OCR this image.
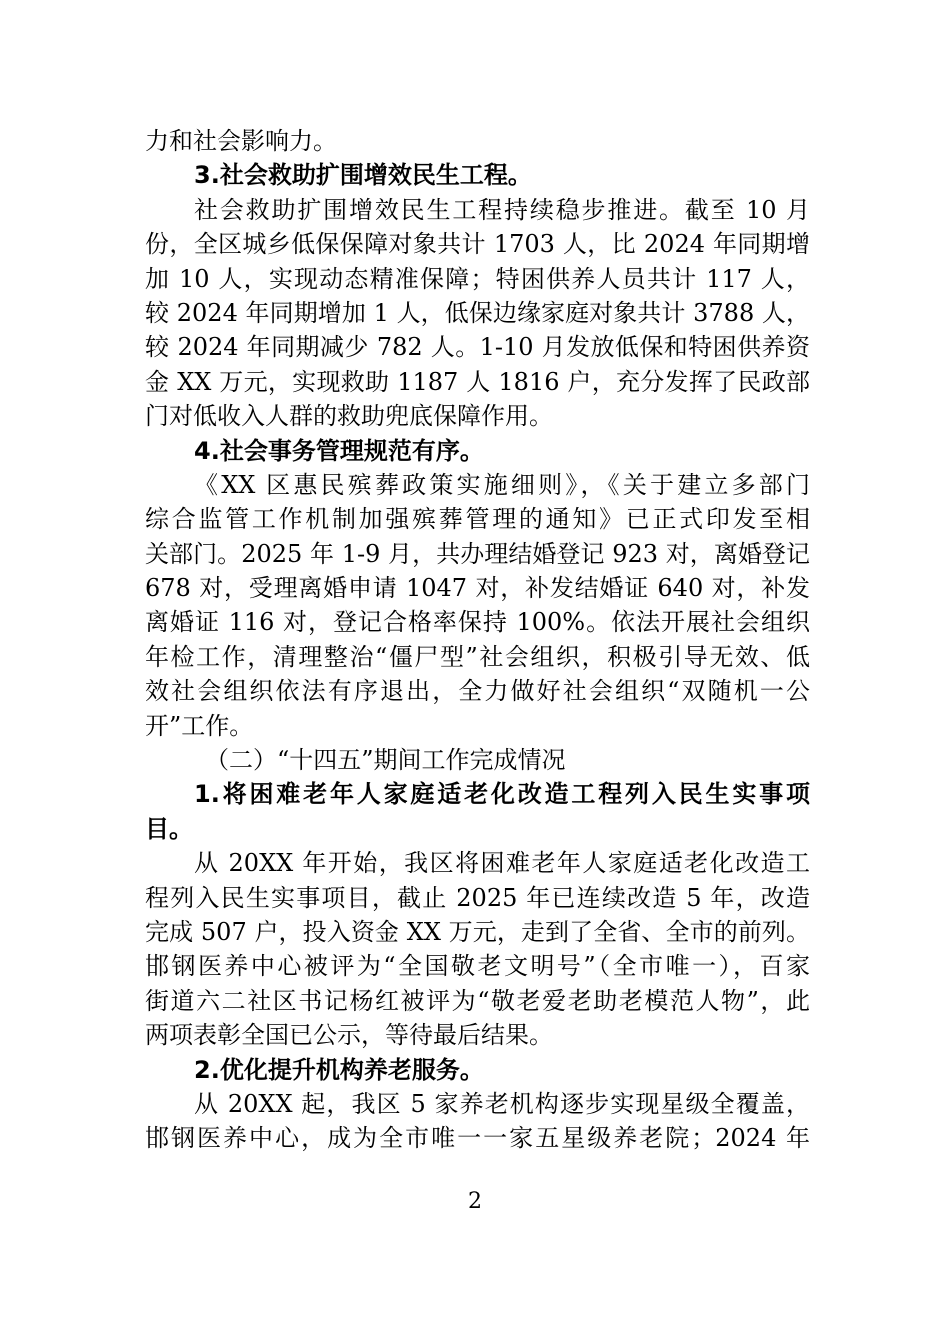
力和社会影响力。
3.社会救助扩围增效民生工程。
社会救助扩围增效民生工程持续稳步推进。截至 10 月
份，全区城乡低保保障对象共计 1703 人，比 2024 年同期增
加 10 人，实现动态精准保障；特困供养人员共计 117 人，
较 2024 年同期增加 1 人，低保边缘家庭对象共计 3788 人，
较 2024 年同期减少 782 人。1-10 月发放低保和特困供养资
金 XX 万元，实现救助 1187 人 1816 户，充分发挥了民政部
门对低收入人群的救助兜底保障作用。
4.社会事务管理规范有序。
《XX 区惠民殡葬政策实施细则》，《关于建立多部门
综合监管工作机制加强殡葬管理的通知》已正式印发至相
关部门。2025 年 1-9 月，共办理结婚登记 923 对，离婚登记
678 对，受理离婚申请 1047 对，补发结婚证 640 对，补发
离婚证 116 对，登记合格率保持 100%。依法开展社会组织
年检工作，清理整治“僵尸型”社会组织，积极引导无效、低
效社会组织依法有序退出，全力做好社会组织“双随机一公
开”工作。
（二）“十四五”期间工作完成情况
1.将困难老年人家庭适老化改造工程列入民生实事项
目。
从 20XX 年开始，我区将困难老年人家庭适老化改造工
程列入民生实事项目，截止 2025 年已连续改造 5 年，改造
完成 507 户，投入资金 XX 万元，走到了全省、全市的前列。
邯钢医养中心被评为“全国敬老文明号”（全市唯一），百家
街道六二社区书记杨红被评为“敬老爱老助老模范人物”，此
两项表彰全国已公示，等待最后结果。
2.优化提升机构养老服务。
从 20XX 起，我区 5 家养老机构逐步实现星级全覆盖，
邯钢医养中心，成为全市唯一一家五星级养老院；2024 年
2
